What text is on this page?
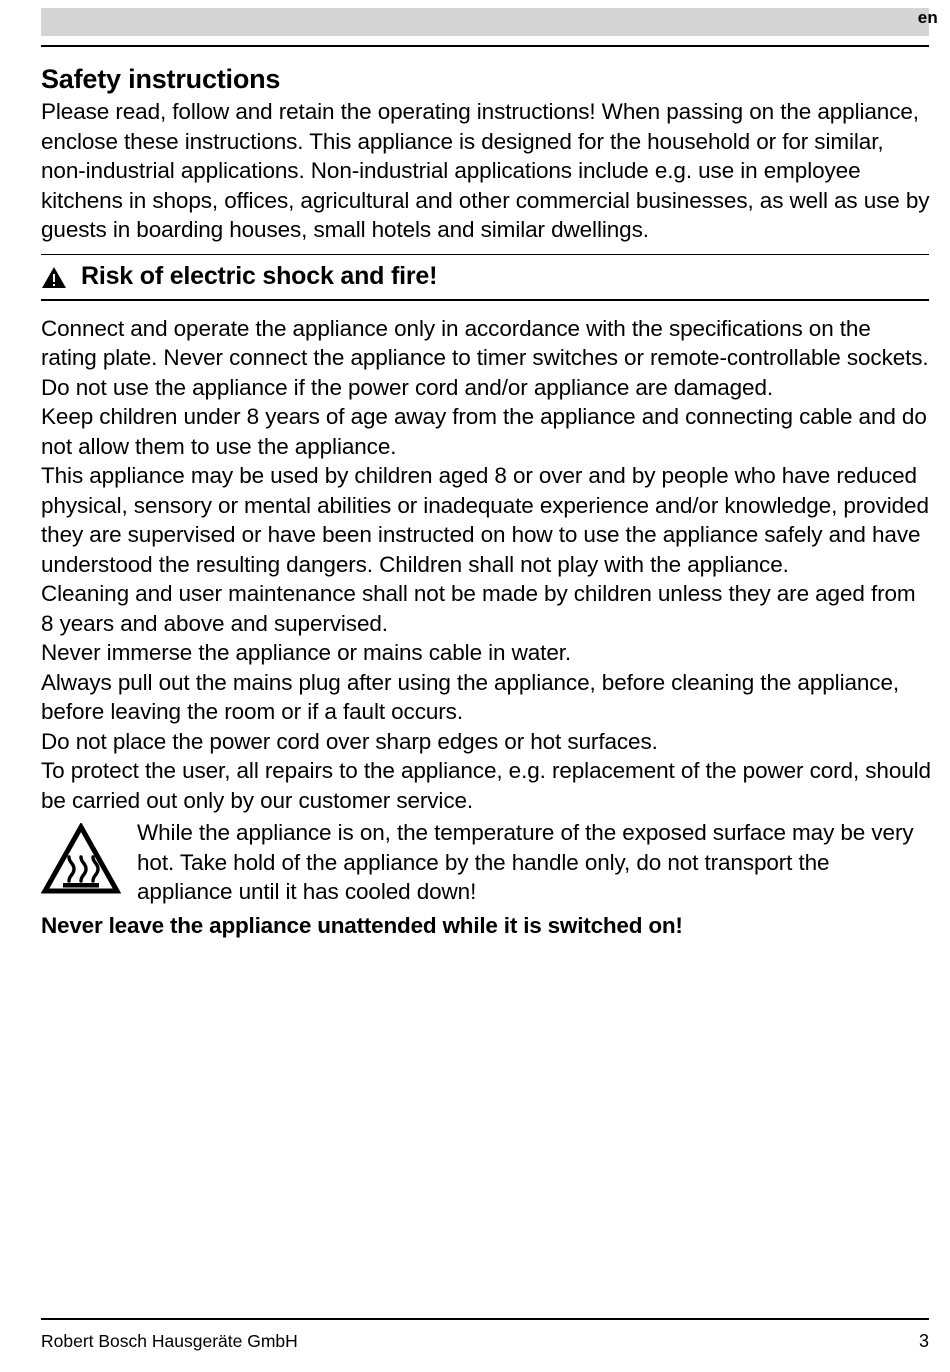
en
Safety instructions

Please read, follow and retain the operating instructions! When passing on the appliance, enclose these instructions. This appliance is designed for the household or for similar, non-industrial applications. Non-industrial applications include e.g. use in employee kitchens in shops, offices, agricultural and other commercial businesses, as well as use by guests in boarding houses, small hotels and similar dwellings.

Risk of electric shock and fire!

Connect and operate the appliance only in accordance with the specifications on the rating plate. Never connect the appliance to timer switches or remote-controllable sockets. Do not use the appliance if the power cord and/or appliance are damaged.

Keep children under 8 years of age away from the appliance and connecting cable and do not allow them to use the appliance.

This appliance may be used by children aged 8 or over and by people who have reduced physical, sensory or mental abilities or inadequate experience and/or knowledge, provided they are supervised or have been instructed on how to use the appliance safely and have understood the resulting dangers. Children shall not play with the appliance.

Cleaning and user maintenance shall not be made by children unless they are aged from 8 years and above and supervised.

Never immerse the appliance or mains cable in water.

Always pull out the mains plug after using the appliance, before cleaning the appliance, before leaving the room or if a fault occurs.

Do not place the power cord over sharp edges or hot surfaces.

To protect the user, all repairs to the appliance, e.g. replacement of the power cord, should be carried out only by our customer service.

While the appliance is on, the temperature of the exposed surface may be very hot. Take hold of the appliance by the handle only, do not transport the appliance until it has cooled down!

Never leave the appliance unattended while it is switched on!

Robert Bosch Hausgeräte GmbH	3
